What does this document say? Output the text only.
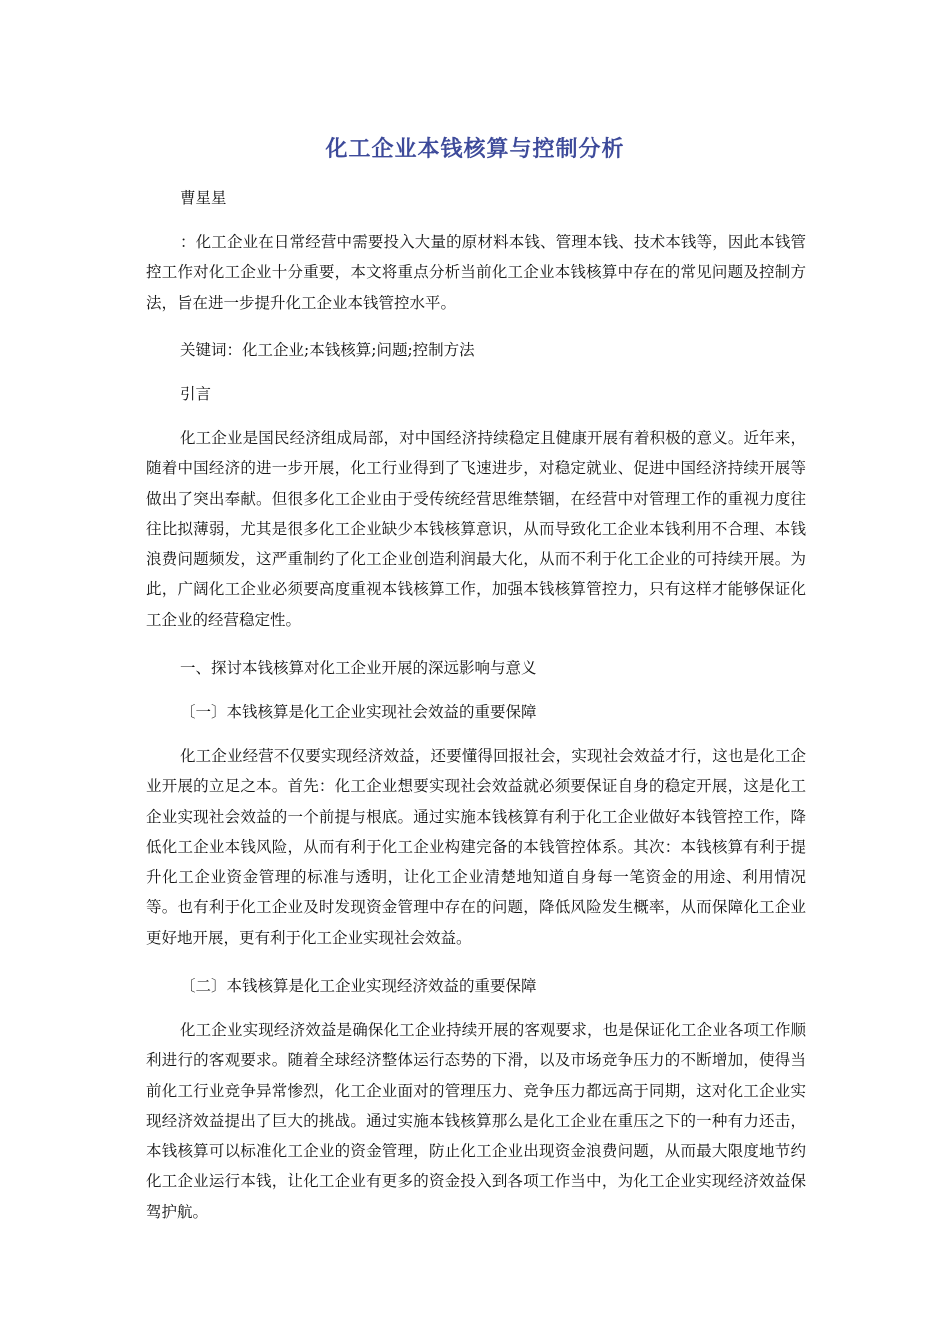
化工企业本钱核算与控制分析
曹星星
：化工企业在日常经营中需要投入大量的原材料本钱、管理本钱、技术本钱等，因此本钱管控工作对化工企业十分重要，本文将重点分析当前化工企业本钱核算中存在的常见问题及控制方法，旨在进一步提升化工企业本钱管控水平。
关键词：化工企业;本钱核算;问题;控制方法
引言
化工企业是国民经济组成局部，对中国经济持续稳定且健康开展有着积极的意义。近年来，随着中国经济的进一步开展，化工行业得到了飞速进步，对稳定就业、促进中国经济持续开展等做出了突出奉献。但很多化工企业由于受传统经营思维禁锢，在经营中对管理工作的重视力度往往比拟薄弱，尤其是很多化工企业缺少本钱核算意识，从而导致化工企业本钱利用不合理、本钱浪费问题频发，这严重制约了化工企业创造利润最大化，从而不利于化工企业的可持续开展。为此，广阔化工企业必须要高度重视本钱核算工作，加强本钱核算管控力，只有这样才能够保证化工企业的经营稳定性。
一、探讨本钱核算对化工企业开展的深远影响与意义
〔一〕本钱核算是化工企业实现社会效益的重要保障
化工企业经营不仅要实现经济效益，还要懂得回报社会，实现社会效益才行，这也是化工企业开展的立足之本。首先：化工企业想要实现社会效益就必须要保证自身的稳定开展，这是化工企业实现社会效益的一个前提与根底。通过实施本钱核算有利于化工企业做好本钱管控工作，降低化工企业本钱风险，从而有利于化工企业构建完备的本钱管控体系。其次：本钱核算有利于提升化工企业资金管理的标准与透明，让化工企业清楚地知道自身每一笔资金的用途、利用情况等。也有利于化工企业及时发现资金管理中存在的问题，降低风险发生概率，从而保障化工企业更好地开展，更有利于化工企业实现社会效益。
〔二〕本钱核算是化工企业实现经济效益的重要保障
化工企业实现经济效益是确保化工企业持续开展的客观要求，也是保证化工企业各项工作顺利进行的客观要求。随着全球经济整体运行态势的下滑，以及市场竞争压力的不断增加，使得当前化工行业竞争异常惨烈，化工企业面对的管理压力、竞争压力都远高于同期，这对化工企业实现经济效益提出了巨大的挑战。通过实施本钱核算那么是化工企业在重压之下的一种有力还击，本钱核算可以标准化工企业的资金管理，防止化工企业出现资金浪费问题，从而最大限度地节约化工企业运行本钱，让化工企业有更多的资金投入到各项工作当中，为化工企业实现经济效益保驾护航。
